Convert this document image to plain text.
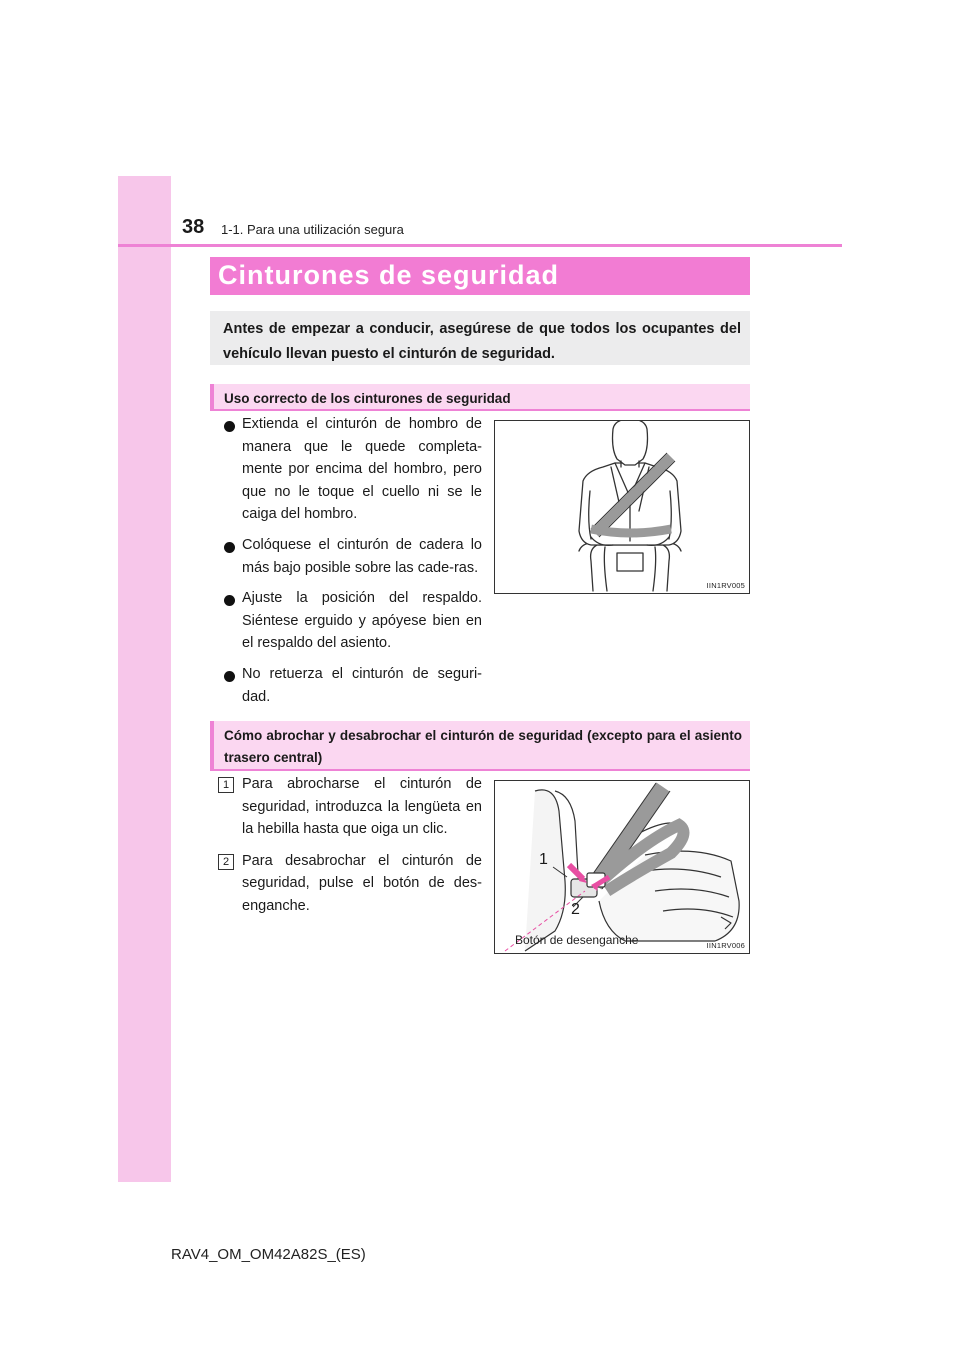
38 1-1. Para una utilización segura
Cinturones de seguridad

Antes de empezar a conducir, asegúrese de que todos los ocupantes del vehículo llevan puesto el cinturón de seguridad.

Uso correcto de los cinturones de seguridad

Extienda el cinturón de hombro de manera que le quede completa-mente por encima del hombro, pero que no le toque el cuello ni se le caiga del hombro.

Colóquese el cinturón de cadera lo más bajo posible sobre las cade-ras.

Ajuste la posición del respaldo. Siéntese erguido y apóyese bien en el respaldo del asiento.

No retuerza el cinturón de seguri-dad.

IIN1RV005
Cómo abrochar y desabrochar el cinturón de seguridad (excepto para el asiento trasero central)
1 Para abrocharse el cinturón de seguridad, introduzca la lengüeta en la hebilla hasta que oiga un clic.

2 Para desabrochar el cinturón de seguridad, pulse el botón de des-enganche.

1
2
Botón de desenganche	IIN1RV006
RAV4_OM_OM42A82S_(ES)
